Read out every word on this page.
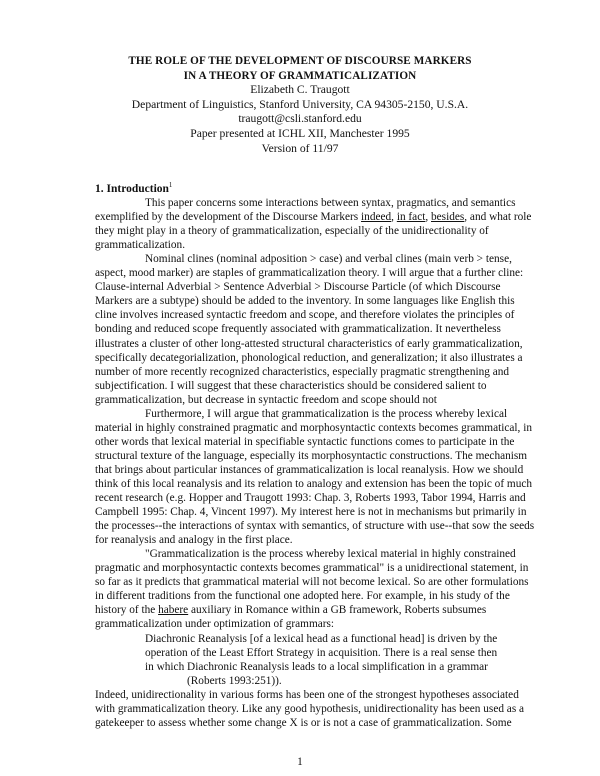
THE ROLE OF THE DEVELOPMENT OF DISCOURSE MARKERS
IN A THEORY OF GRAMMATICALIZATION
Elizabeth C. Traugott
Department of Linguistics, Stanford University, CA 94305-2150, U.S.A.
traugott@csli.stanford.edu
Paper presented at ICHL XII, Manchester 1995
Version of 11/97

1. Introduction$^1$

This paper concerns some interactions between syntax, pragmatics, and semantics exemplified by the development of the Discourse Markers indeed, in fact, besides, and what role they might play in a theory of grammaticalization, especially of the unidirectionality of grammaticalization.

Nominal clines (nominal adposition > case) and verbal clines (main verb > tense, aspect, mood marker) are staples of grammaticalization theory. I will argue that a further cline: Clause-internal Adverbial > Sentence Adverbial > Discourse Particle (of which Discourse Markers are a subtype) should be added to the inventory. In some languages like English this cline involves increased syntactic freedom and scope, and therefore violates the principles of bonding and reduced scope frequently associated with grammaticalization. It nevertheless illustrates a cluster of other long-attested structural characteristics of early grammaticalization, specifically decategorialization, phonological reduction, and generalization; it also illustrates a number of more recently recognized characteristics, especially pragmatic strengthening and subjectification. I will suggest that these characteristics should be considered salient to grammaticalization, but decrease in syntactic freedom and scope should not

Furthermore, I will argue that grammaticalization is the process whereby lexical material in highly constrained pragmatic and morphosyntactic contexts becomes grammatical, in other words that lexical material in specifiable syntactic functions comes to participate in the structural texture of the language, especially its morphosyntactic constructions. The mechanism that brings about particular instances of grammaticalization is local reanalysis. How we should think of this local reanalysis and its relation to analogy and extension has been the topic of much recent research (e.g. Hopper and Traugott 1993: Chap. 3, Roberts 1993, Tabor 1994, Harris and Campbell 1995: Chap. 4, Vincent 1997). My interest here is not in mechanisms but primarily in the processes--the interactions of syntax with semantics, of structure with use--that sow the seeds for reanalysis and analogy in the first place.

"Grammaticalization is the process whereby lexical material in highly constrained pragmatic and morphosyntactic contexts becomes grammatical" is a unidirectional statement, in so far as it predicts that grammatical material will not become lexical. So are other formulations in different traditions from the functional one adopted here. For example, in his study of the history of the habere auxiliary in Romance within a GB framework, Roberts subsumes grammaticalization under optimization of grammars:

Diachronic Reanalysis [of a lexical head as a functional head] is driven by the
operation of the Least Effort Strategy in acquisition. There is a real sense then
in which Diachronic Reanalysis leads to a local simplification in a grammar
(Roberts 1993:251)).

Indeed, unidirectionality in various forms has been one of the strongest hypotheses associated with grammaticalization theory. Like any good hypothesis, unidirectionality has been used as a gatekeeper to assess whether some change X is or is not a case of grammaticalization. Some

1
